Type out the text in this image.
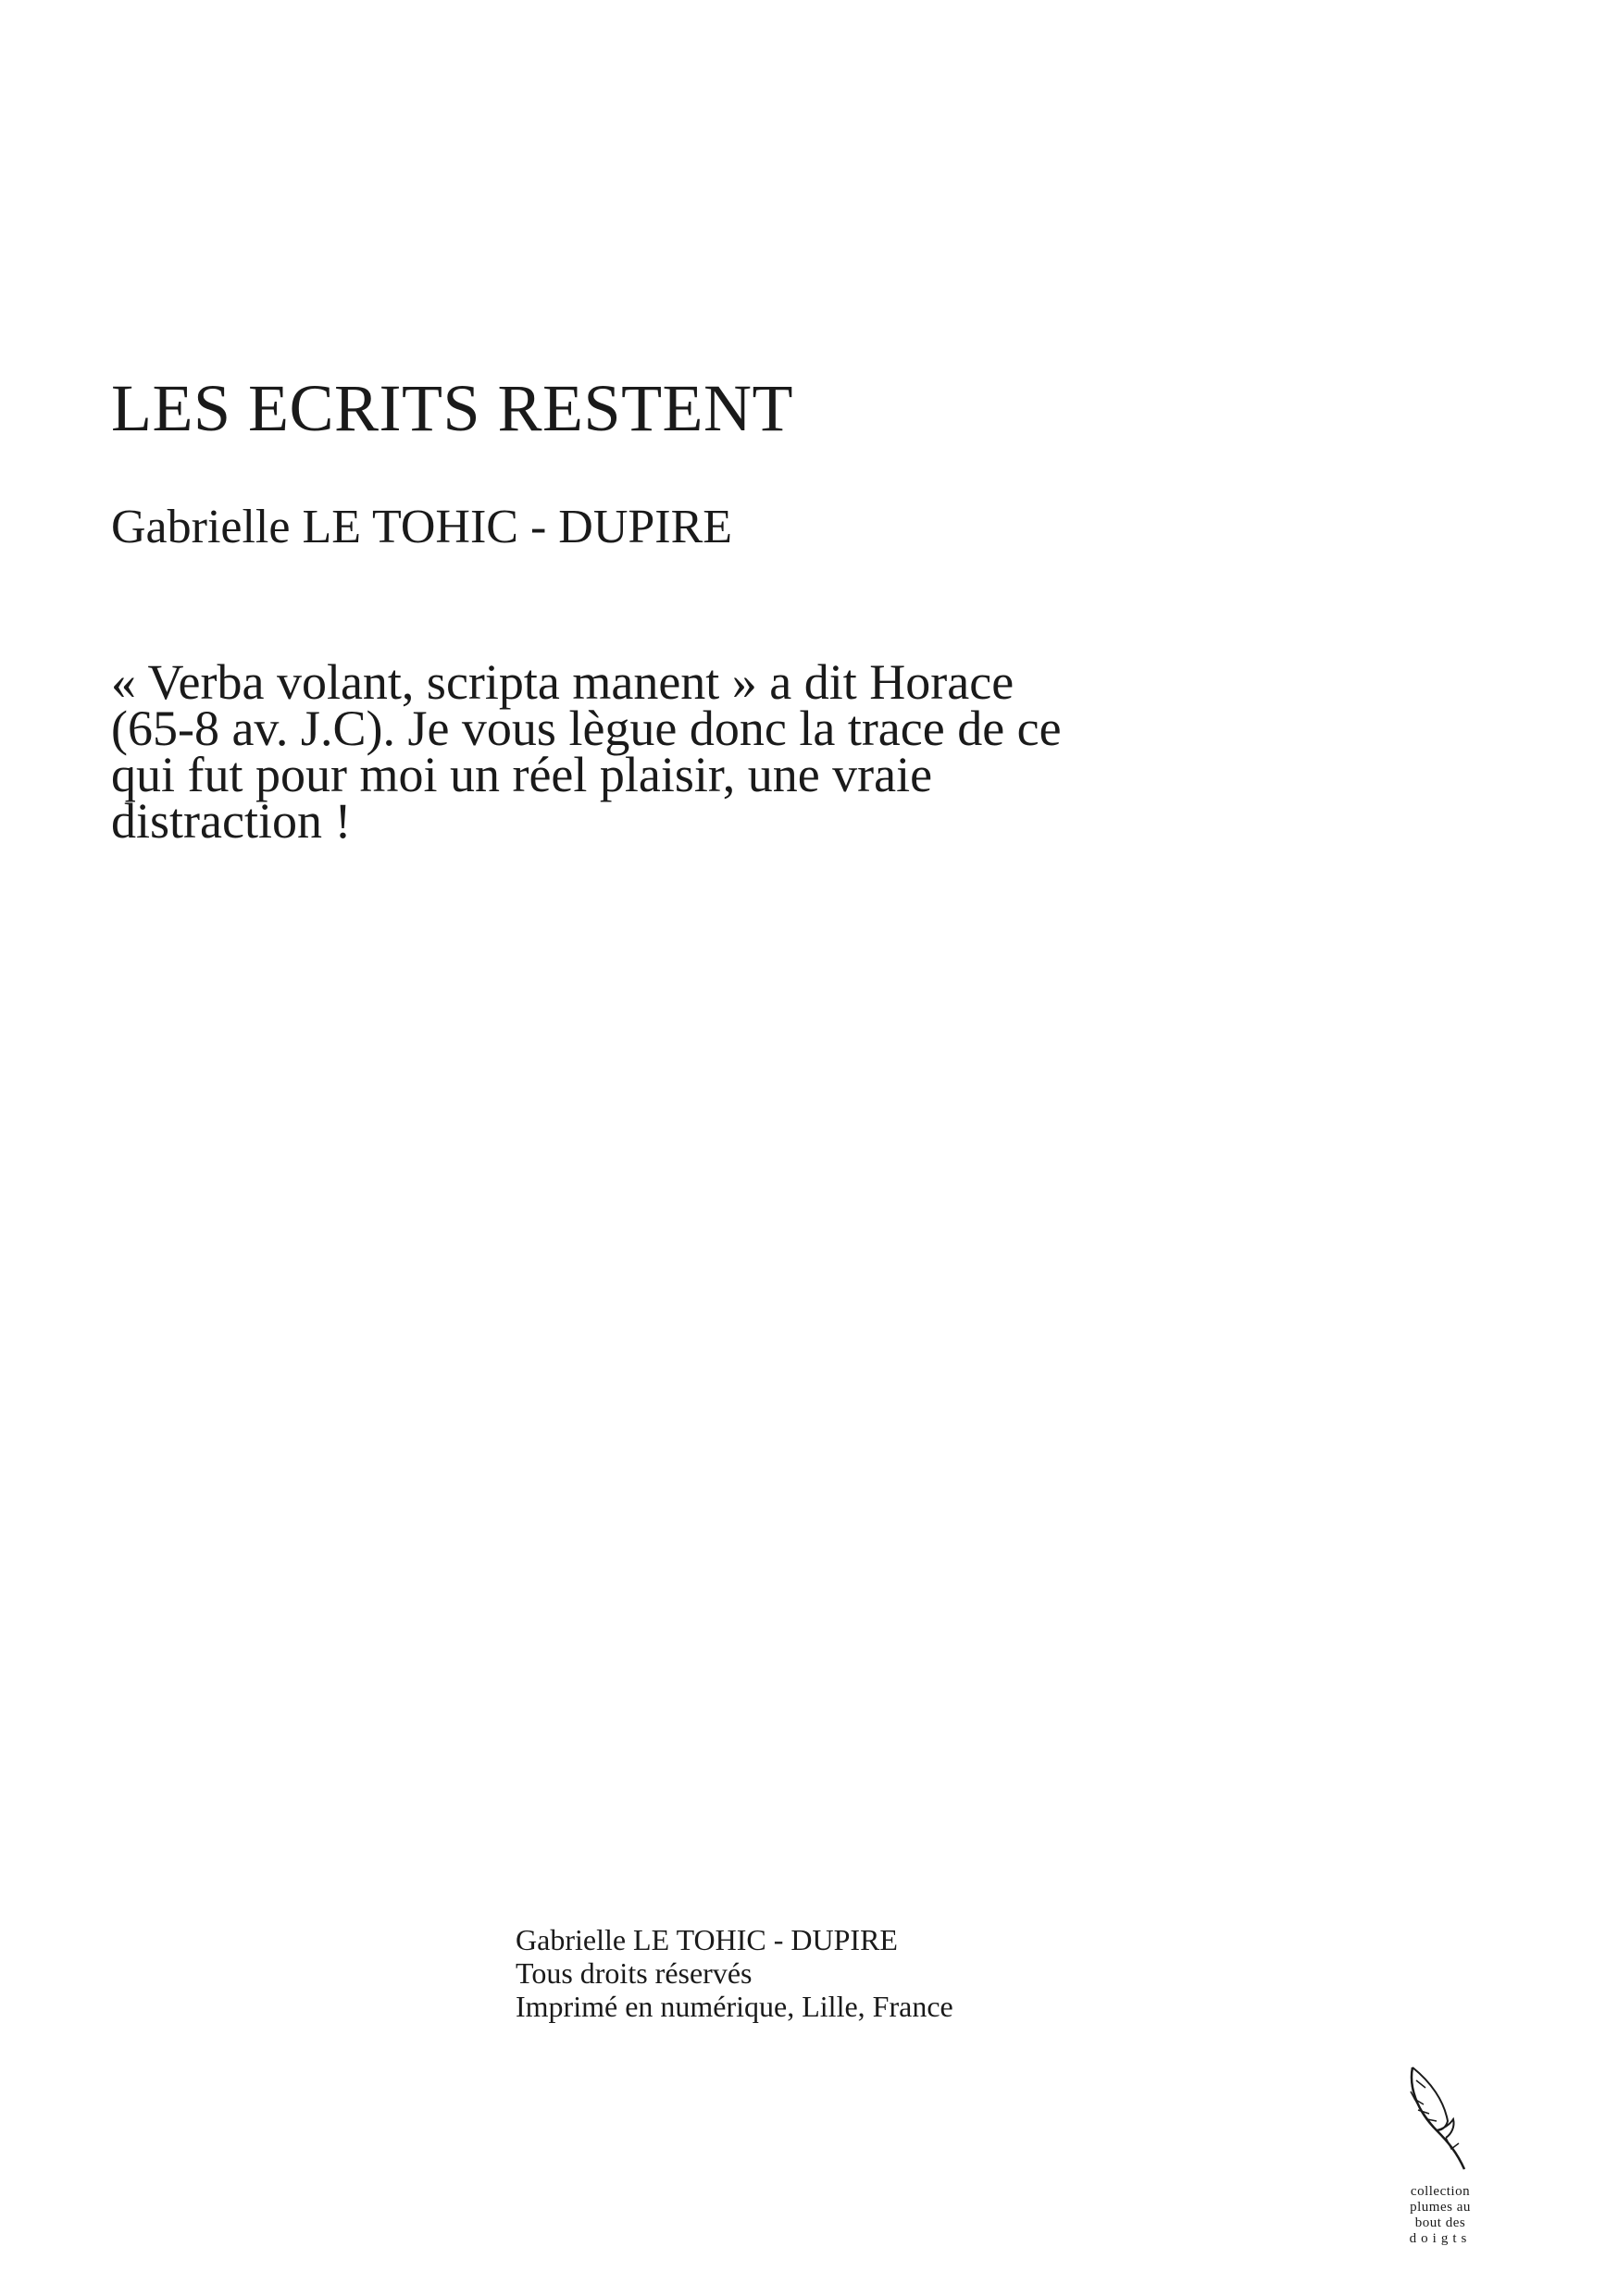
LES ECRITS RESTENT
Gabrielle LE TOHIC - DUPIRE

« Verba volant, scripta manent » a dit Horace
(65-8 av. J.C). Je vous lègue donc la trace de ce
qui fut pour moi un réel plaisir, une vraie
distraction !

Gabrielle LE TOHIC - DUPIRE
Tous droits réservés
Imprimé en numérique, Lille, France
collection
plumes au
bout des
doigts
